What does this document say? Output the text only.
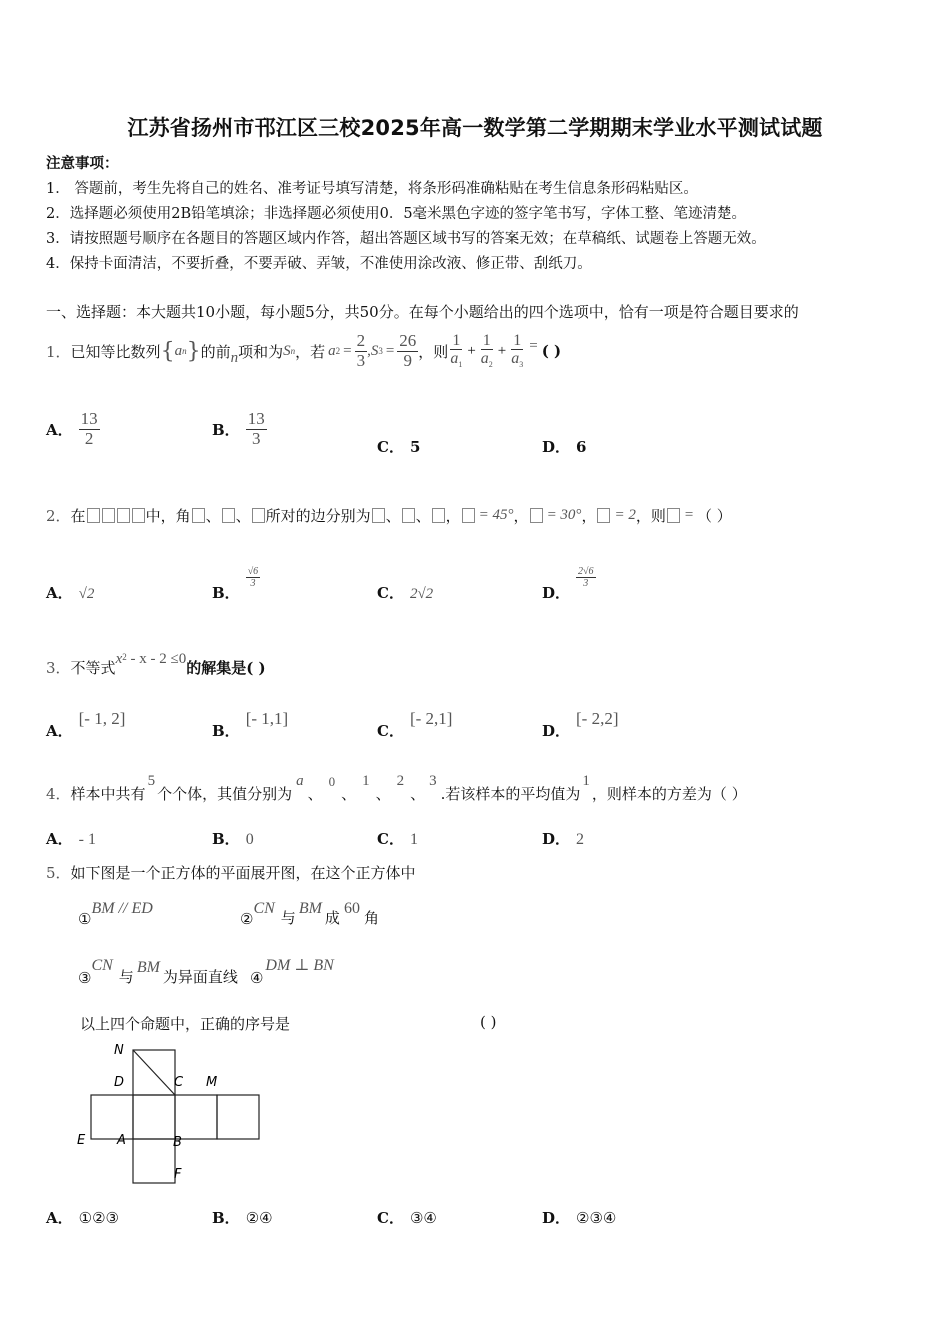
江苏省扬州市邗江区三校2025年高一数学第二学期期末学业水平测试试题
注意事项：
1． 答题前，考生先将自己的姓名、准考证号填写清楚，将条形码准确粘贴在考生信息条形码粘贴区。
2．选择题必须使用2B铅笔填涂；非选择题必须使用0．5毫米黑色字迹的签字笔书写，字体工整、笔迹清楚。
3．请按照题号顺序在各题目的答题区域内作答，超出答题区域书写的答案无效；在草稿纸、试题卷上答题无效。
4．保持卡面清洁，不要折叠，不要弄破、弄皱，不准使用涂改液、修正带、刮纸刀。
一、选择题：本大题共10小题，每小题5分，共50分。在每个小题给出的四个选项中，恰有一项是符合题目要求的
1． 已知等比数列 { a n } 的前 n 项和为 S n ，若 a $2 = \frac{2}{3}$ , S $3 = \frac{26}{9}$ ，则 $\frac{1}{a_1} + \frac{1}{a_2} + \frac{1}{a_3}$ = ( )
A． $\frac{13}{2}$	B． $\frac{13}{3}$	C． 5	D． 6
2． 在	中，角 、 、 所对的边分别为 、 、 ， = 45° ， = 30° ， = 2 ，则 = （ ）
A． √2	B．
$\frac{√6}{3}$
C． 2√2	D．
$\frac{2√6}{3}$
3． 不等式 $x^2 - x - 2 \le 0$ 的解集是( )
A．
[- 1, 2]
B．
[- 1,1]
C．
[- 2,1]
D．
[- 2,2]
4． 样本中共有
5
个个体，其值分别为
a
、
0
、
1
、
2
、
3
.若该样本的平均值为
1
，则样本的方差为（ ）
A． - 1	B． 0	C． 1	D． 2
5．如下图是一个正方体的平面展开图，在这个正方体中
①
BM // ED
②
CN
与
BM
成
60
角
③
CN
与
BM
为异面直线 ④
DM ⊥ BN
以上四个命题中，正确的序号是	( )
N
D	C M
E A	B
F
A． ①②③	B． ②④	C． ③④	D． ②③④
